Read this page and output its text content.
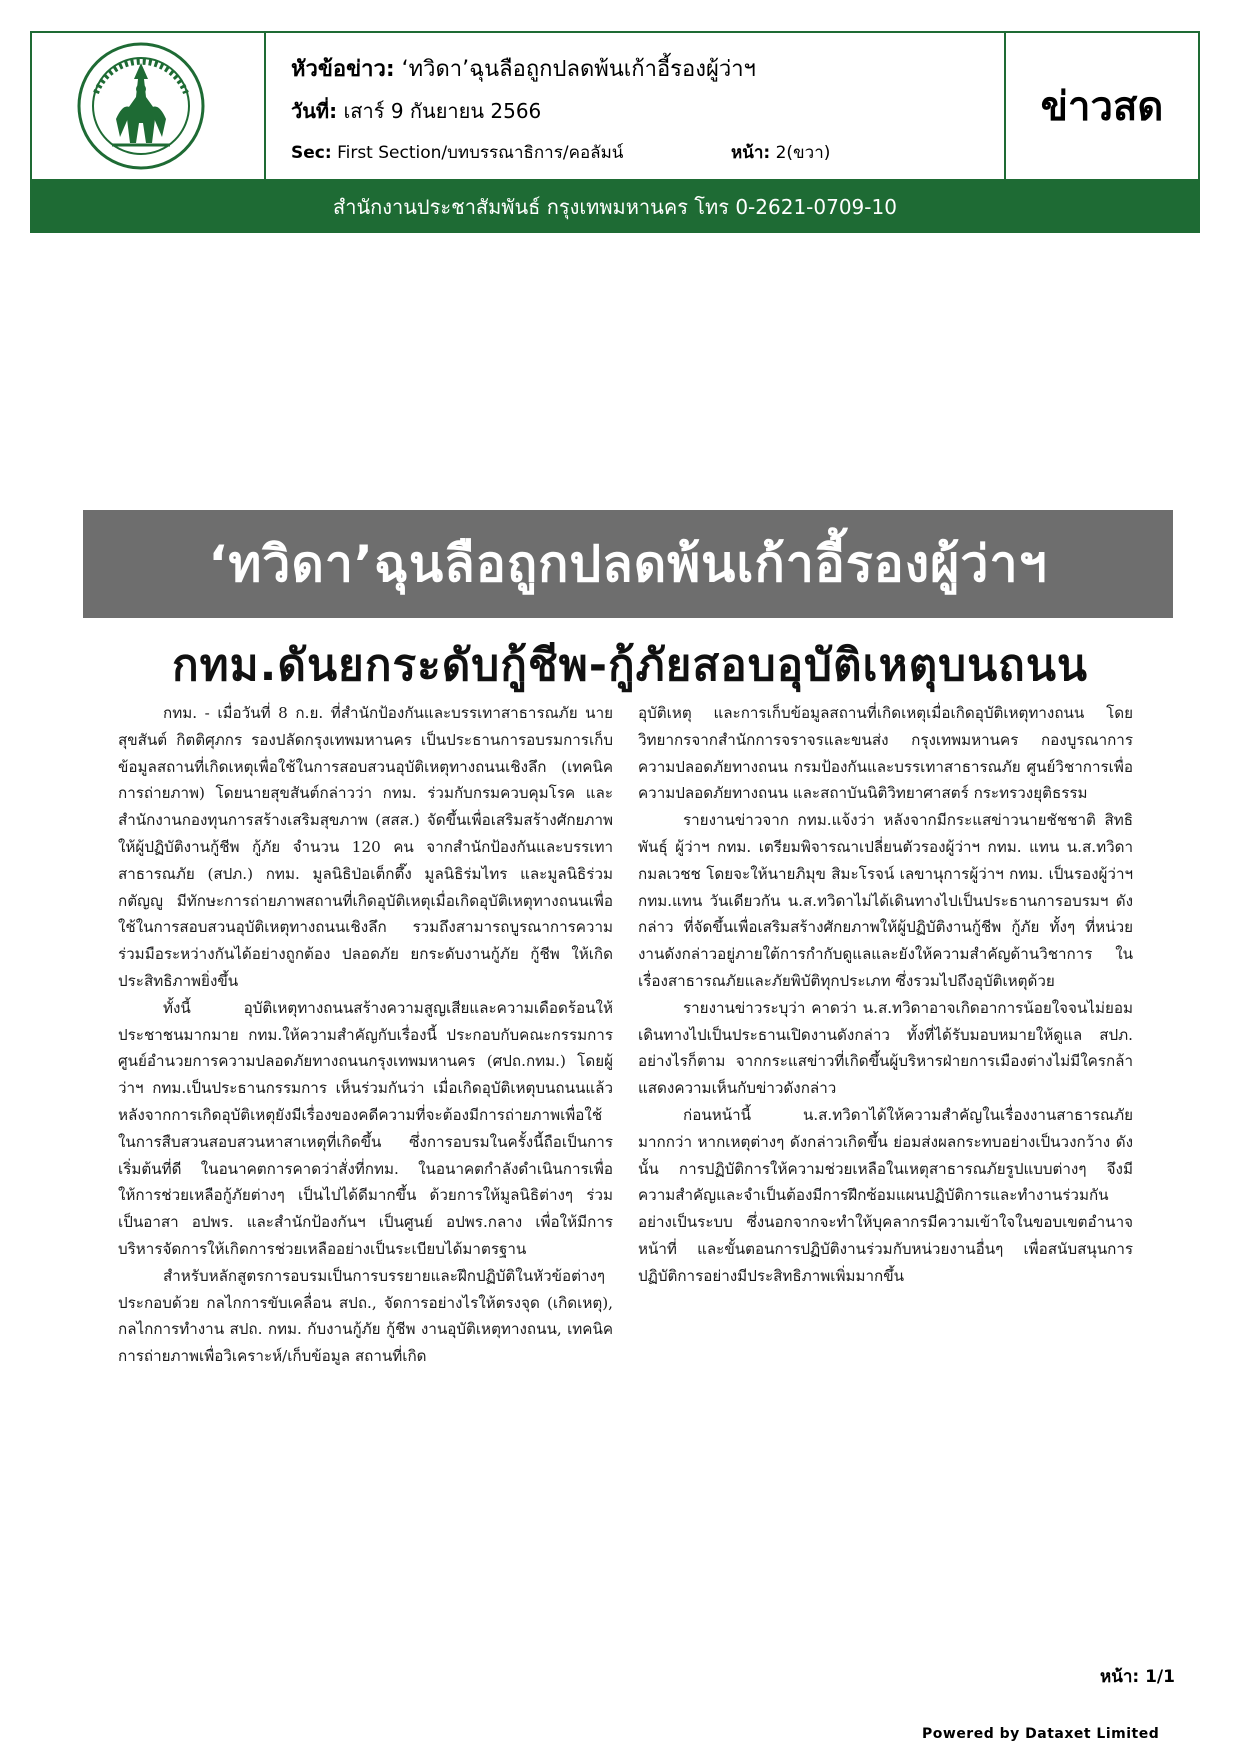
หัวข้อข่าว: ‘ทวิดา’ฉุนลือถูกปลดพ้นเก้าอี้รองผู้ว่าฯ
วันที่: เสาร์ 9 กันยายน 2566
Sec: First Section/บทบรรณาธิการ/คอลัมน์	หน้า: 2(ขวา)
ข่าวสด
สำนักงานประชาสัมพันธ์ กรุงเทพมหานคร โทร 0-2621-0709-10
‘ทวิดา’ฉุนลือถูกปลดพ้นเก้าอี้รองผู้ว่าฯ
กทม.ดันยกระดับกู้ชีพ-กู้ภัยสอบอุบัติเหตุบนถนน

กทม. - เมื่อวันที่ 8 ก.ย. ที่สำนักป้องกันและบรรเทาสาธารณภัย นายสุขสันต์ กิตติศุภกร รองปลัดกรุงเทพมหานคร เป็นประธานการอบรมการเก็บข้อมูลสถานที่เกิดเหตุเพื่อใช้ในการสอบสวนอุบัติเหตุทางถนนเชิงลึก (เทคนิคการถ่ายภาพ) โดยนายสุขสันต์กล่าวว่า กทม. ร่วมกับกรมควบคุมโรค และสำนักงานกองทุนการสร้างเสริมสุขภาพ (สสส.) จัดขึ้นเพื่อเสริมสร้างศักยภาพให้ผู้ปฏิบัติงานกู้ชีพ กู้ภัย จำนวน 120 คน จากสำนักป้องกันและบรรเทาสาธารณภัย (สปภ.) กทม. มูลนิธิป่อเต็กตึ๊ง มูลนิธิร่มไทร และมูลนิธิร่วมกตัญญู มีทักษะการถ่ายภาพสถานที่เกิดอุบัติเหตุเมื่อเกิดอุบัติเหตุทางถนนเพื่อใช้ในการสอบสวนอุบัติเหตุทางถนนเชิงลึก รวมถึงสามารถบูรณาการความร่วมมือระหว่างกันได้อย่างถูกต้อง ปลอดภัย ยกระดับงานกู้ภัย กู้ชีพ ให้เกิดประสิทธิภาพยิ่งขึ้น

ทั้งนี้ อุบัติเหตุทางถนนสร้างความสูญเสียและความเดือดร้อนให้ประชาชนมากมาย กทม.ให้ความสำคัญกับเรื่องนี้ ประกอบกับคณะกรรมการศูนย์อำนวยการความปลอดภัยทางถนนกรุงเทพมหานคร (ศปถ.กทม.) โดยผู้ว่าฯ กทม.เป็นประธานกรรมการ เห็นร่วมกันว่า เมื่อเกิดอุบัติเหตุบนถนนแล้วหลังจากการเกิดอุบัติเหตุยังมีเรื่องของคดีความที่จะต้องมีการถ่ายภาพเพื่อใช้ในการสืบสวนสอบสวนหาสาเหตุที่เกิดขึ้น ซึ่งการอบรมในครั้งนี้ถือเป็นการเริ่มต้นที่ดี ในอนาคตการคาดว่าสั่งที่กทม. ในอนาคตกำลังดำเนินการเพื่อให้การช่วยเหลือกู้ภัยต่างๆ เป็นไปได้ดีมากขึ้น ด้วยการให้มูลนิธิต่างๆ ร่วมเป็นอาสา อปพร. และสำนักป้องกันฯ เป็นศูนย์ อปพร.กลาง เพื่อให้มีการบริหารจัดการให้เกิดการช่วยเหลืออย่างเป็นระเบียบได้มาตรฐาน

สำหรับหลักสูตรการอบรมเป็นการบรรยายและฝึกปฏิบัติในหัวข้อต่างๆ ประกอบด้วย กลไกการขับเคลื่อน สปถ., จัดการอย่างไรให้ตรงจุด (เกิดเหตุ), กลไกการทำงาน สปถ. กทม. กับงานกู้ภัย กู้ชีพ งานอุบัติเหตุทางถนน, เทคนิคการถ่ายภาพเพื่อวิเคราะห์/เก็บข้อมูล สถานที่เกิด

อุบัติเหตุ และการเก็บข้อมูลสถานที่เกิดเหตุเมื่อเกิดอุบัติเหตุทางถนน โดยวิทยากรจากสำนักการจราจรและขนส่ง กรุงเทพมหานคร กองบูรณาการความปลอดภัยทางถนน กรมป้องกันและบรรเทาสาธารณภัย ศูนย์วิชาการเพื่อความปลอดภัยทางถนน และสถาบันนิติวิทยาศาสตร์ กระทรวงยุติธรรม

รายงานข่าวจาก กทม.แจ้งว่า หลังจากมีกระแสข่าวนายชัชชาติ สิทธิพันธุ์ ผู้ว่าฯ กทม. เตรียมพิจารณาเปลี่ยนตัวรองผู้ว่าฯ กทม. แทน น.ส.ทวิดา กมลเวชช โดยจะให้นายภิมุข สิมะโรจน์ เลขานุการผู้ว่าฯ กทม. เป็นรองผู้ว่าฯ กทม.แทน วันเดียวกัน น.ส.ทวิดาไม่ได้เดินทางไปเป็นประธานการอบรมฯ ดังกล่าว ที่จัดขึ้นเพื่อเสริมสร้างศักยภาพให้ผู้ปฏิบัติงานกู้ชีพ กู้ภัย ทั้งๆ ที่หน่วยงานดังกล่าวอยู่ภายใต้การกำกับดูแลและยังให้ความสำคัญด้านวิชาการ ในเรื่องสาธารณภัยและภัยพิบัติทุกประเภท ซึ่งรวมไปถึงอุบัติเหตุด้วย

รายงานข่าวระบุว่า คาดว่า น.ส.ทวิดาอาจเกิดอาการน้อยใจจนไม่ยอมเดินทางไปเป็นประธานเปิดงานดังกล่าว ทั้งที่ได้รับมอบหมายให้ดูแล สปภ. อย่างไรก็ตาม จากกระแสข่าวที่เกิดขึ้นผู้บริหารฝ่ายการเมืองต่างไม่มีใครกล้าแสดงความเห็นกับข่าวดังกล่าว

ก่อนหน้านี้ น.ส.ทวิดาได้ให้ความสำคัญในเรื่องงานสาธารณภัยมากกว่า หากเหตุต่างๆ ดังกล่าวเกิดขึ้น ย่อมส่งผลกระทบอย่างเป็นวงกว้าง ดังนั้น การปฏิบัติการให้ความช่วยเหลือในเหตุสาธารณภัยรูปแบบต่างๆ จึงมีความสำคัญและจำเป็นต้องมีการฝึกซ้อมแผนปฏิบัติการและทำงานร่วมกันอย่างเป็นระบบ ซึ่งนอกจากจะทำให้บุคลากรมีความเข้าใจในขอบเขตอำนาจหน้าที่ และขั้นตอนการปฏิบัติงานร่วมกับหน่วยงานอื่นๆ เพื่อสนับสนุนการปฏิบัติการอย่างมีประสิทธิภาพเพิ่มมากขึ้น

หน้า: 1/1
Powered by Dataxet Limited
